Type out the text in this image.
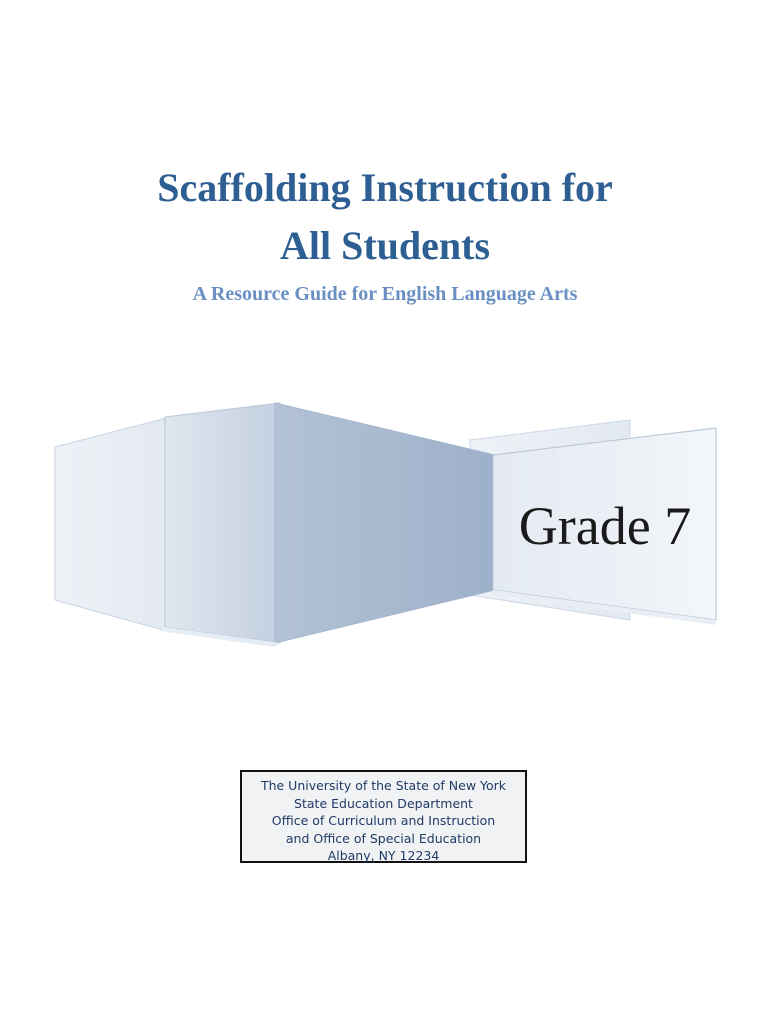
Scaffolding Instruction for
All Students
A Resource Guide for English Language Arts
Grade 7
The University of the State of New York
State Education Department
Office of Curriculum and Instruction
and Office of Special Education
Albany, NY 12234
